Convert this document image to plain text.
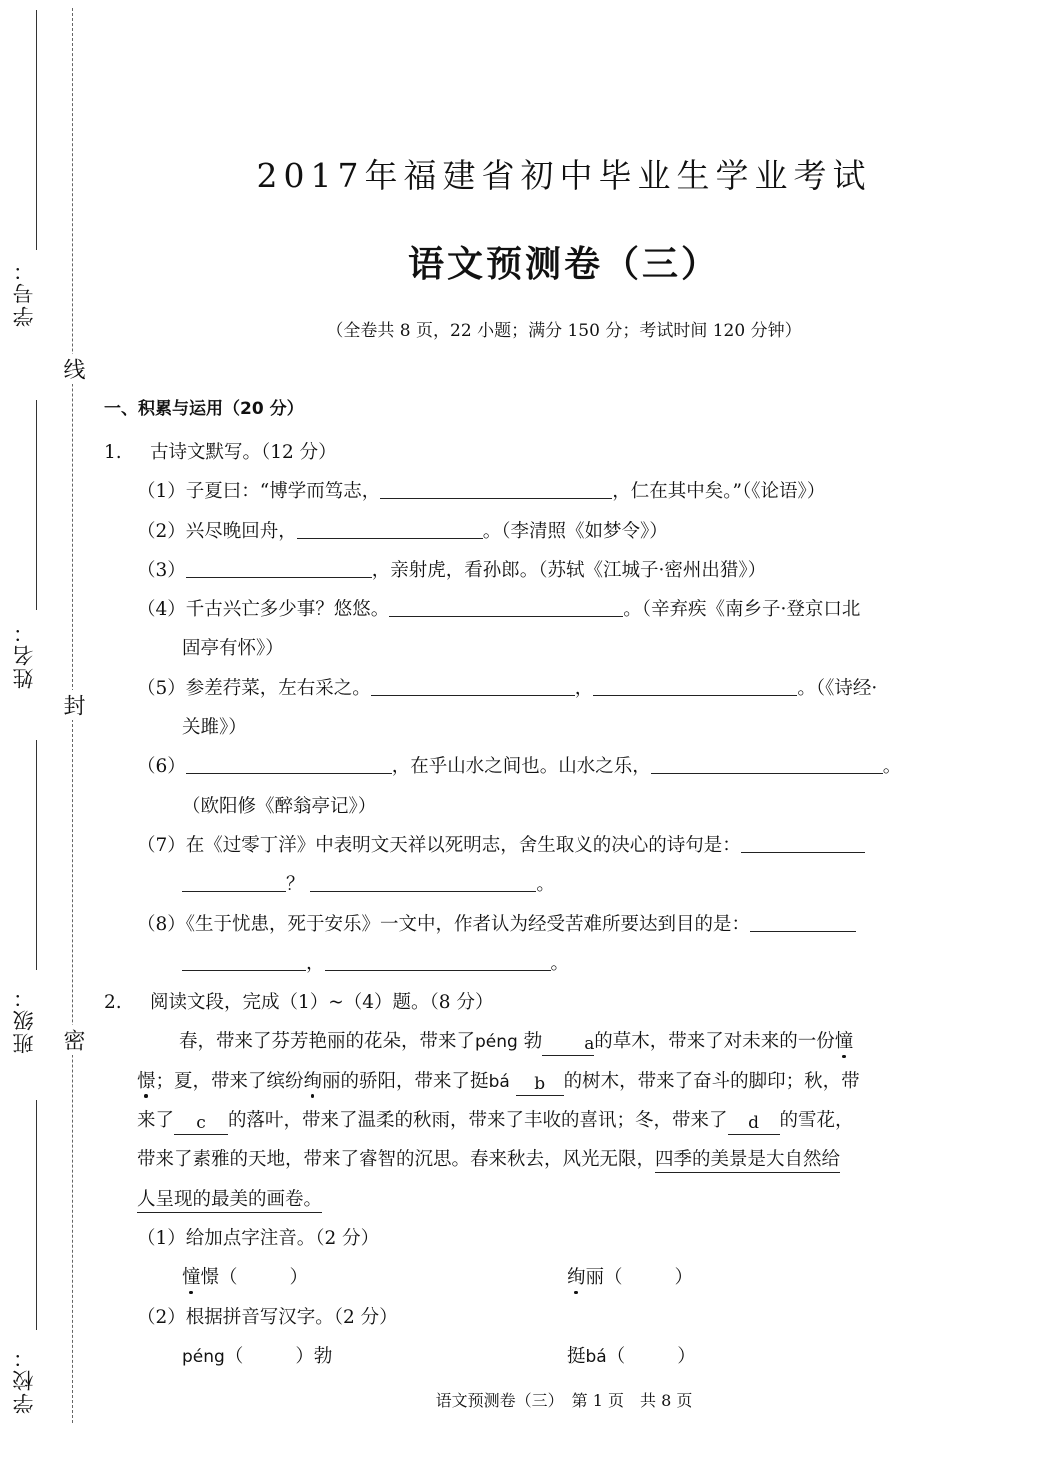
学号：
姓名：
班级：
学校：
线
封
密
2017年福建省初中毕业生学业考试
语文预测卷（三）
（全卷共 8 页，22 小题；满分 150 分；考试时间 120 分钟）
一、积累与运用（20 分）
1. 古诗文默写。（12 分）
（1）子夏曰：“博学而笃志，	，仁在其中矣。”（《论语》）
（2）兴尽晚回舟，	。（李清照《如梦令》）
（3）	，亲射虎，看孙郎。（苏轼《江城子·密州出猎》）
（4）千古兴亡多少事？悠悠。	。（辛弃疾《南乡子·登京口北
固亭有怀》）
（5）参差荇菜，左右采之。	，	。（《诗经·
关雎》）
（6）	，在乎山水之间也。山水之乐，	。
（欧阳修《醉翁亭记》）
（7）在《过零丁洋》中表明文天祥以死明志，舍生取义的决心的诗句是：
？	。
（8）《生于忧患，死于安乐》一文中，作者认为经受苦难所要达到目的是：
，	。
2. 阅读文段，完成（1）~（4）题。（8 分）
春，带来了芬芳艳丽的花朵，带来了péng 勃 a的草木，带来了对未来的一份憧
憬；夏，带来了缤纷绚丽的骄阳，带来了挺bá b 的树木，带来了奋斗的脚印；秋，带
来了 c 的落叶，带来了温柔的秋雨，带来了丰收的喜讯；冬，带来了 d 的雪花，
带来了素雅的天地，带来了睿智的沉思。春来秋去，风光无限，四季的美景是大自然给
人呈现的最美的画卷。
（1）给加点字注音。（2 分）
憧憬（	）	绚丽（	）
（2）根据拼音写汉字。（2 分）
péng（	）勃	挺bá（	）
语文预测卷（三）　第 1 页　共 8 页
